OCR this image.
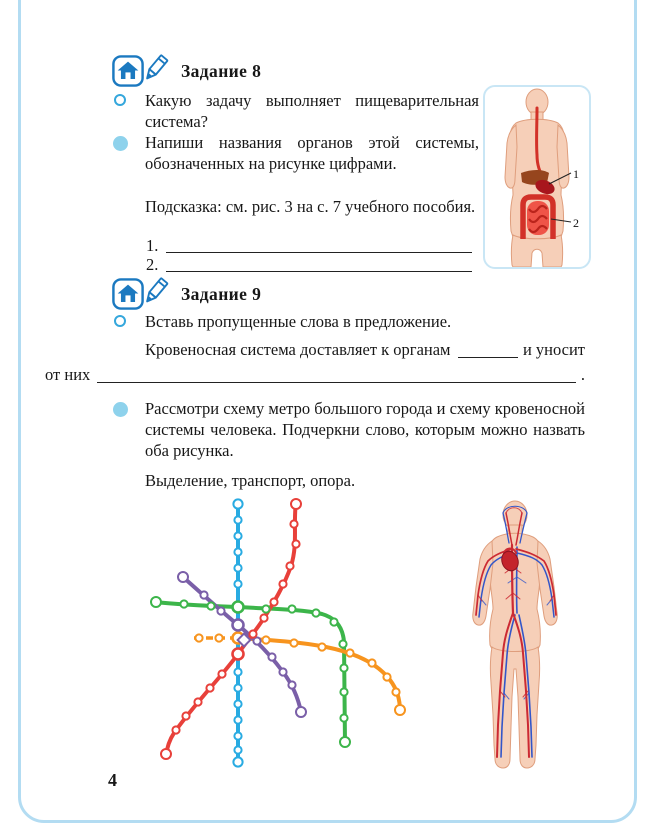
Задание 8

Какую задачу выполняет пищеварительная система?

Напиши названия органов этой системы, обозначенных на рисунке цифрами.

Подсказка: см. рис. 3 на с. 7 учебного пособия.

1.
2.
1
2
Задание 9

Вставь пропущенные слова в предложение.

Кровеносная система доставляет к органам	и уносит
от них	.

Рассмотри схему метро большого города и схему кровеносной системы человека. Подчеркни слово, которым можно назвать оба рисунка.

Выделение, транспорт, опора.

4
